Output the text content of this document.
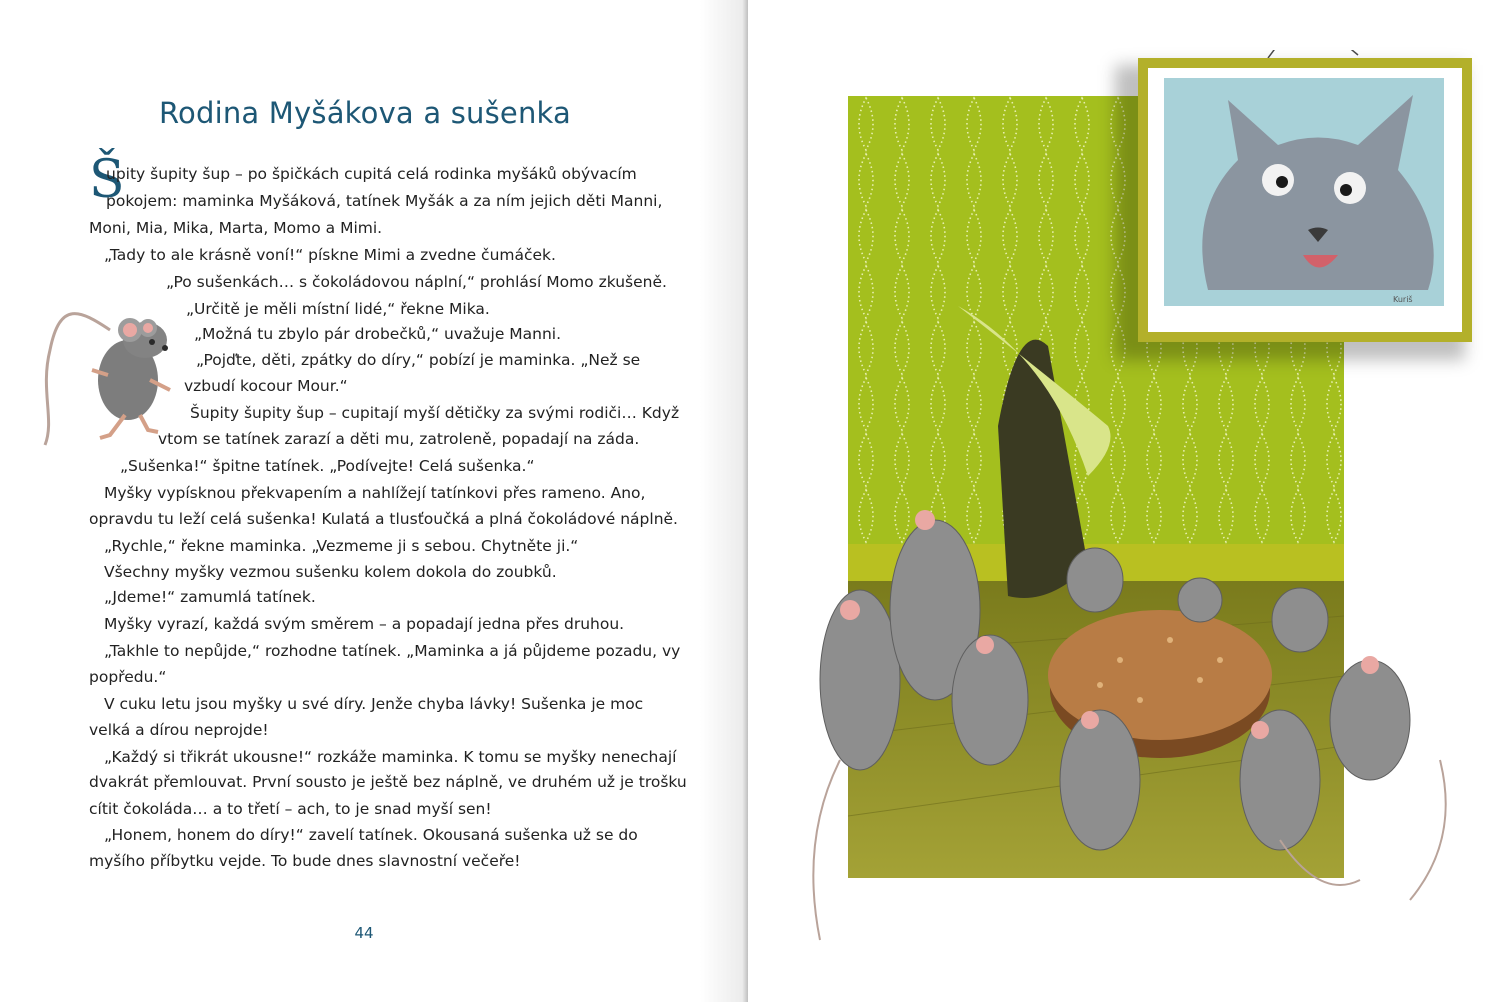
Rodina Myšákova a sušenka
Š
upity šupity šup – po špičkách cupitá celá rodinka myšáků obývacím
pokojem: maminka Myšáková, tatínek Myšák a za ním jejich děti Manni,
Moni, Mia, Mika, Marta, Momo a Mimi.
„Tady to ale krásně voní!“ pískne Mimi a zvedne čumáček.
„Po sušenkách… s čokoládovou náplní,“ prohlásí Momo zkušeně.
„Určitě je měli místní lidé,“ řekne Mika.
„Možná tu zbylo pár drobečků,“ uvažuje Manni.
„Pojďte, děti, zpátky do díry,“ pobízí je maminka. „Než se
vzbudí kocour Mour.“
Šupity šupity šup – cupitají myší dětičky za svými rodiči… Když
vtom se tatínek zarazí a děti mu, zatroleně, popadají na záda.
„Sušenka!“ špitne tatínek. „Podívejte! Celá sušenka.“
Myšky vypísknou překvapením a nahlížejí tatínkovi přes rameno. Ano,
opravdu tu leží celá sušenka! Kulatá a tlusťoučká a plná čokoládové náplně.
„Rychle,“ řekne maminka. „Vezmeme ji s sebou. Chytněte ji.“
Všechny myšky vezmou sušenku kolem dokola do zoubků.
„Jdeme!“ zamumlá tatínek.
Myšky vyrazí, každá svým směrem – a popadají jedna přes druhou.
„Takhle to nepůjde,“ rozhodne tatínek. „Maminka a já půjdeme pozadu, vy
popředu.“
V cuku letu jsou myšky u své díry. Jenže chyba lávky! Sušenka je moc
velká a dírou neprojde!
„Každý si třikrát ukousne!“ rozkáže maminka. K tomu se myšky nenechají
dvakrát přemlouvat. První sousto je ještě bez náplně, ve druhém už je trošku
cítit čokoláda… a to třetí – ach, to je snad myší sen!
„Honem, honem do díry!“ zavelí tatínek. Okousaná sušenka už se do
myšího příbytku vejde. To bude dnes slavnostní večeře!
44
Kuriš
